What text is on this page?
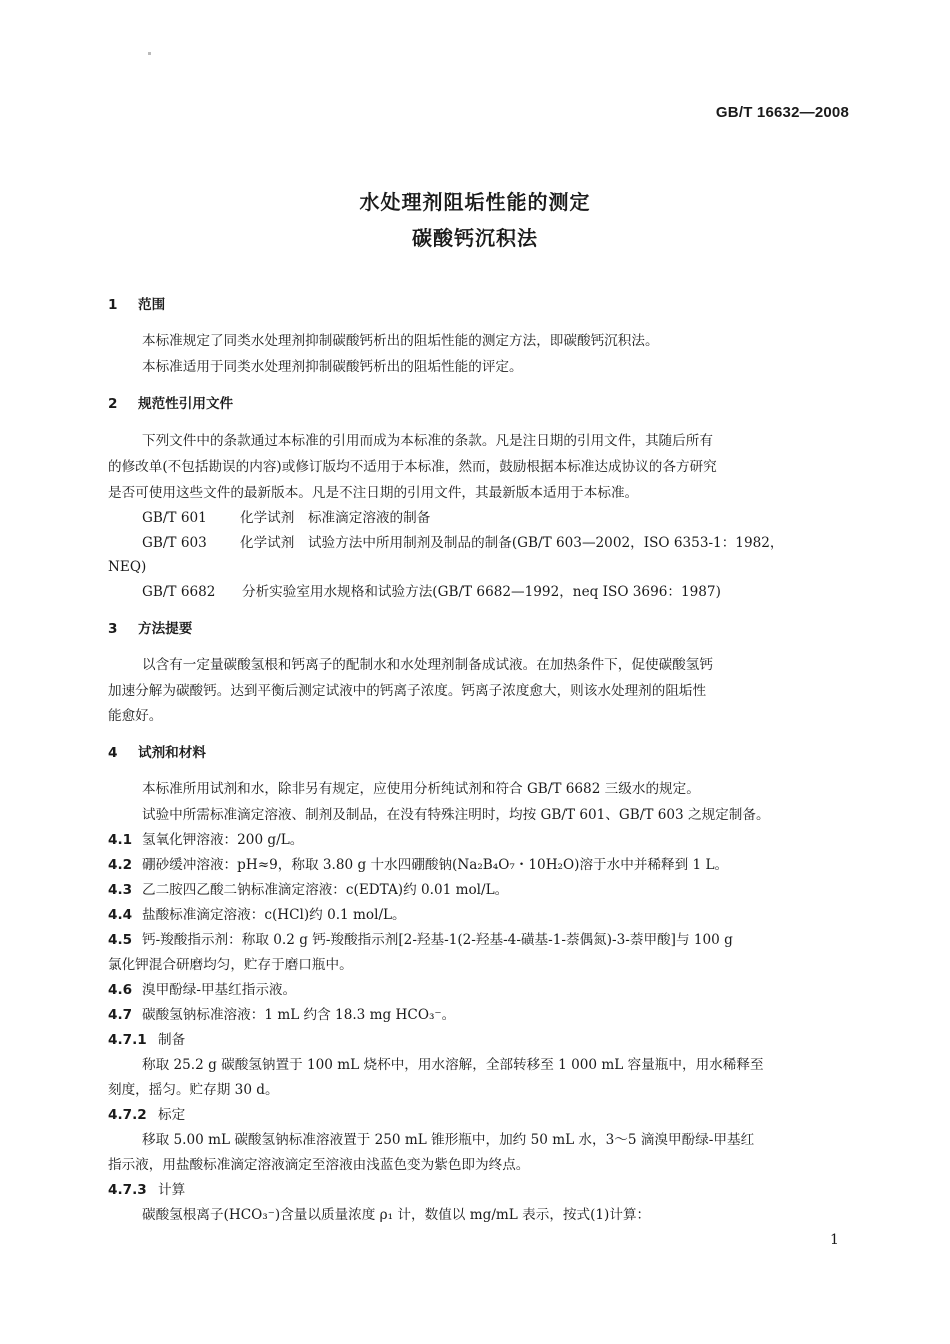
GB/T 16632—2008
水处理剂阻垢性能的测定
碳酸钙沉积法
1 范围
本标准规定了同类水处理剂抑制碳酸钙析出的阻垢性能的测定方法，即碳酸钙沉积法。
本标准适用于同类水处理剂抑制碳酸钙析出的阻垢性能的评定。
2 规范性引用文件
下列文件中的条款通过本标准的引用而成为本标准的条款。凡是注日期的引用文件，其随后所有
的修改单(不包括勘误的内容)或修订版均不适用于本标准，然而，鼓励根据本标准达成协议的各方研究
是否可使用这些文件的最新版本。凡是不注日期的引用文件，其最新版本适用于本标准。
GB/T 601 化学试剂　标准滴定溶液的制备
GB/T 603 化学试剂　试验方法中所用制剂及制品的制备(GB/T 603—2002，ISO 6353-1：1982，
NEQ)
GB/T 6682 分析实验室用水规格和试验方法(GB/T 6682—1992，neq ISO 3696：1987)
3 方法提要
以含有一定量碳酸氢根和钙离子的配制水和水处理剂制备成试液。在加热条件下，促使碳酸氢钙
加速分解为碳酸钙。达到平衡后测定试液中的钙离子浓度。钙离子浓度愈大，则该水处理剂的阻垢性
能愈好。
4 试剂和材料
本标准所用试剂和水，除非另有规定，应使用分析纯试剂和符合 GB/T 6682 三级水的规定。
试验中所需标准滴定溶液、制剂及制品，在没有特殊注明时，均按 GB/T 601、GB/T 603 之规定制备。
4.1 氢氧化钾溶液：200 g/L。
4.2 硼砂缓冲溶液：pH≈9，称取 3.80 g 十水四硼酸钠(Na₂B₄O₇・10H₂O)溶于水中并稀释到 1 L。
4.3 乙二胺四乙酸二钠标准滴定溶液：c(EDTA)约 0.01 mol/L。
4.4 盐酸标准滴定溶液：c(HCl)约 0.1 mol/L。
4.5 钙-羧酸指示剂：称取 0.2 g 钙-羧酸指示剂[2-羟基-1(2-羟基-4-磺基-1-萘偶氮)-3-萘甲酸]与 100 g
氯化钾混合研磨均匀，贮存于磨口瓶中。
4.6 溴甲酚绿-甲基红指示液。
4.7 碳酸氢钠标准溶液：1 mL 约含 18.3 mg HCO₃⁻。
4.7.1 制备
称取 25.2 g 碳酸氢钠置于 100 mL 烧杯中，用水溶解，全部转移至 1 000 mL 容量瓶中，用水稀释至
刻度，摇匀。贮存期 30 d。
4.7.2 标定
移取 5.00 mL 碳酸氢钠标准溶液置于 250 mL 锥形瓶中，加约 50 mL 水，3～5 滴溴甲酚绿-甲基红
指示液，用盐酸标准滴定溶液滴定至溶液由浅蓝色变为紫色即为终点。
4.7.3 计算
碳酸氢根离子(HCO₃⁻)含量以质量浓度 ρ₁ 计，数值以 mg/mL 表示，按式(1)计算：
1
